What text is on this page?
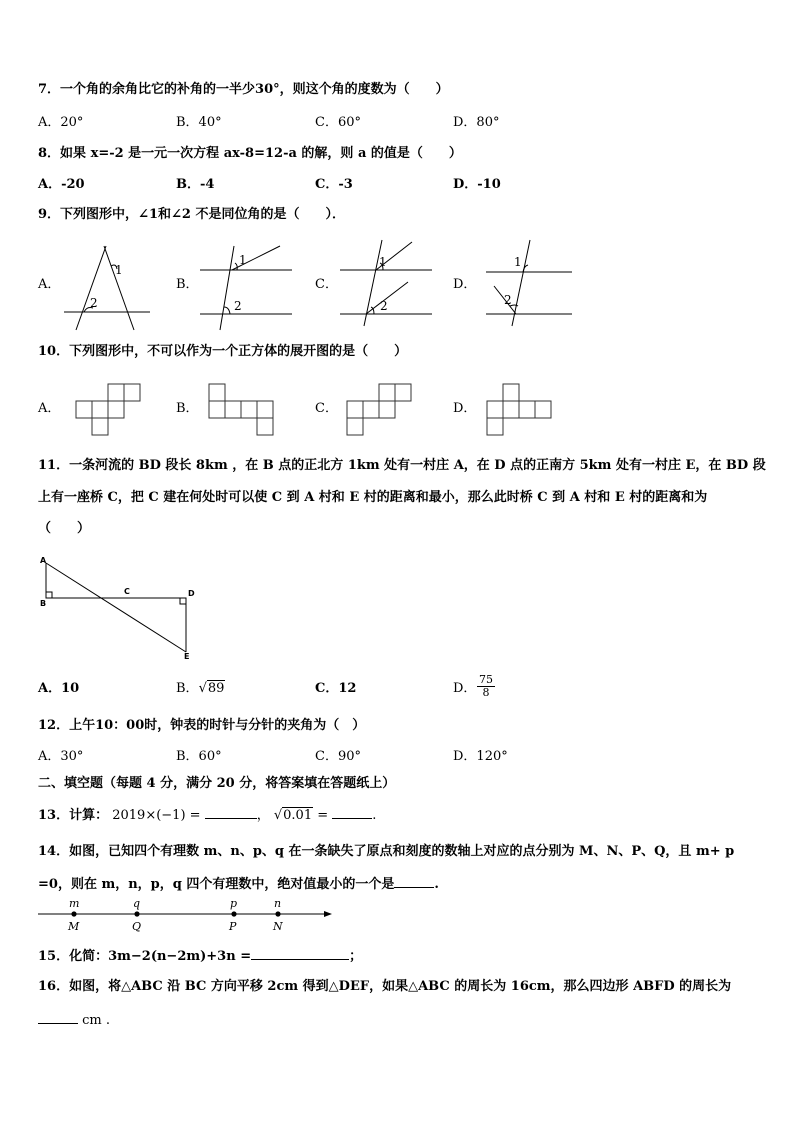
7．一个角的余角比它的补角的一半少30°，则这个角的度数为（　　）
A．20°	B．40°	C．60°	D．80°
8．如果 x=-2 是一元一次方程 ax-8=12-a 的解，则 a 的值是（　　）
A．-20	B．-4	C．-3	D．-10
9．下列图形中，∠1和∠2 不是同位角的是（　　）．
A．	B．	C．	D．
1
2
1
2
1
2
1
2
10．下列图形中，不可以作为一个正方体的展开图的是（　　）
A．	B．	C．	D．
11．一条河流的 BD 段长 8km ，在 B 点的正北方 1km 处有一村庄 A，在 D 点的正南方 5km 处有一村庄 E，在 BD 段
上有一座桥 C，把 C 建在何处时可以使 C 到 A 村和 E 村的距离和最小，那么此时桥 C 到 A 村和 E 村的距离和为
（　　）
A
B
C	D
E
A．10	B．√89	C．12	D． $\frac{75}{8}$
12．上午10：00时，钟表的时针与分针的夹角为（　）
A．30°	B．60°	C．90°	D．120°
二、填空题（每题 4 分，满分 20 分，将答案填在答题纸上）
13．计算： 2019×(−1) =	， √0.01 =	.
14．如图，已知四个有理数 m、n、p、q 在一条缺失了原点和刻度的数轴上对应的点分别为 M、N、P、Q，且 m+ p
=0，则在 m，n，p，q 四个有理数中，绝对值最小的一个是	.
m	q	p	n
M	Q	P	N
15．化简：3m−2(n−2m)+3n =	；
16．如图，将△ABC 沿 BC 方向平移 2cm 得到△DEF，如果△ABC 的周长为 16cm，那么四边形 ABFD 的周长为
cm .
